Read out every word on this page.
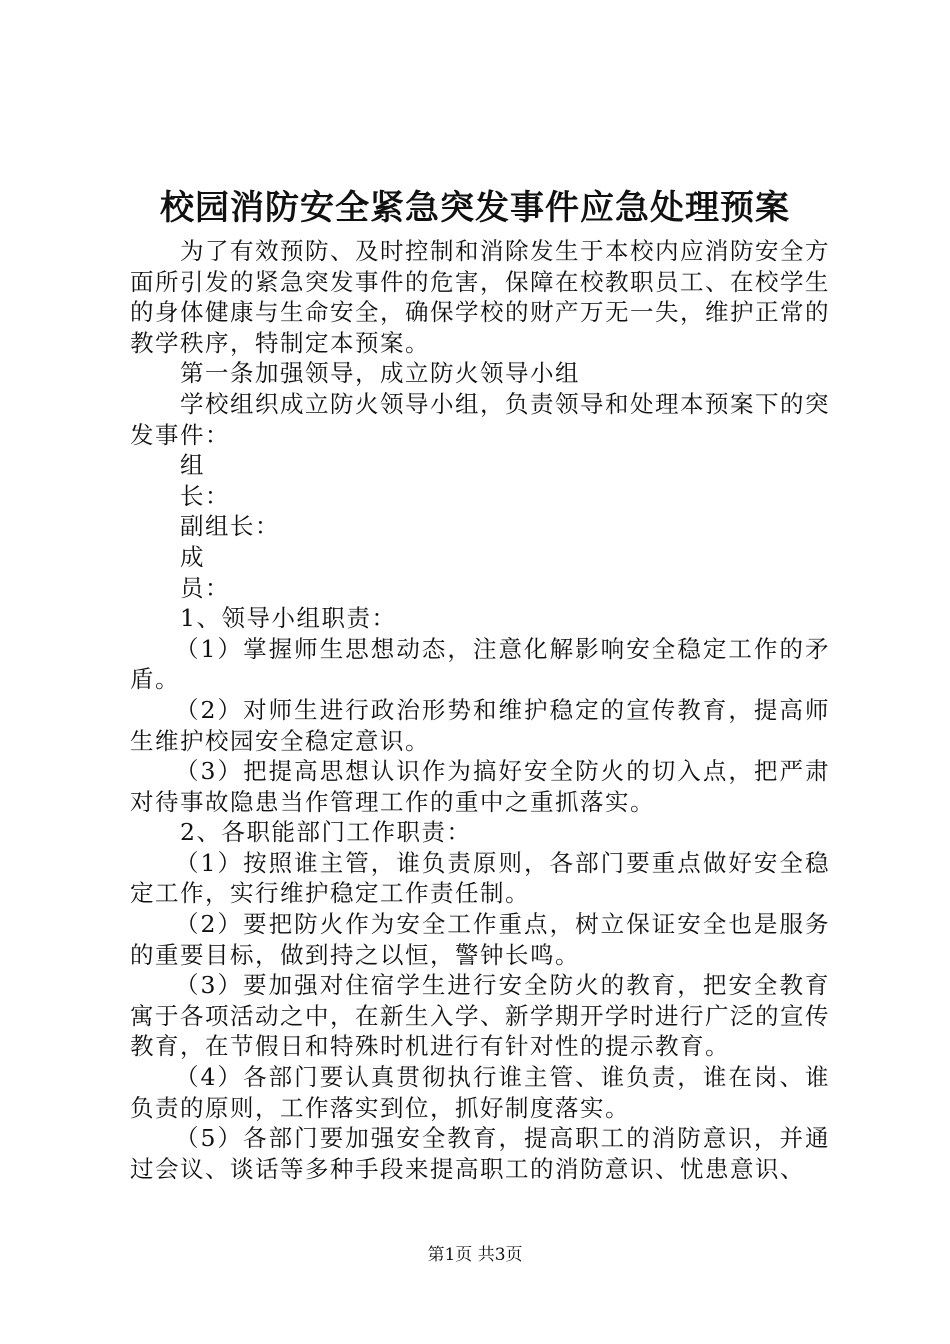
校园消防安全紧急突发事件应急处理预案

为了有效预防、及时控制和消除发生于本校内应消防安全方面所引发的紧急突发事件的危害，保障在校教职员工、在校学生的身体健康与生命安全，确保学校的财产万无一失，维护正常的教学秩序，特制定本预案。

第一条加强领导，成立防火领导小组

学校组织成立防火领导小组，负责领导和处理本预案下的突发事件：

组长：

副组长：

成员：

1、领导小组职责：

（1）掌握师生思想动态，注意化解影响安全稳定工作的矛盾。

（2）对师生进行政治形势和维护稳定的宣传教育，提高师生维护校园安全稳定意识。

（3）把提高思想认识作为搞好安全防火的切入点，把严肃对待事故隐患当作管理工作的重中之重抓落实。

2、各职能部门工作职责：

（1）按照谁主管，谁负责原则，各部门要重点做好安全稳定工作，实行维护稳定工作责任制。

（2）要把防火作为安全工作重点，树立保证安全也是服务的重要目标，做到持之以恒，警钟长鸣。

（3）要加强对住宿学生进行安全防火的教育，把安全教育寓于各项活动之中，在新生入学、新学期开学时进行广泛的宣传教育，在节假日和特殊时机进行有针对性的提示教育。

（4）各部门要认真贯彻执行谁主管、谁负责，谁在岗、谁负责的原则，工作落实到位，抓好制度落实。

（5）各部门要加强安全教育，提高职工的消防意识，并通过会议、谈话等多种手段来提高职工的消防意识、忧患意识、

第1页 共3页
